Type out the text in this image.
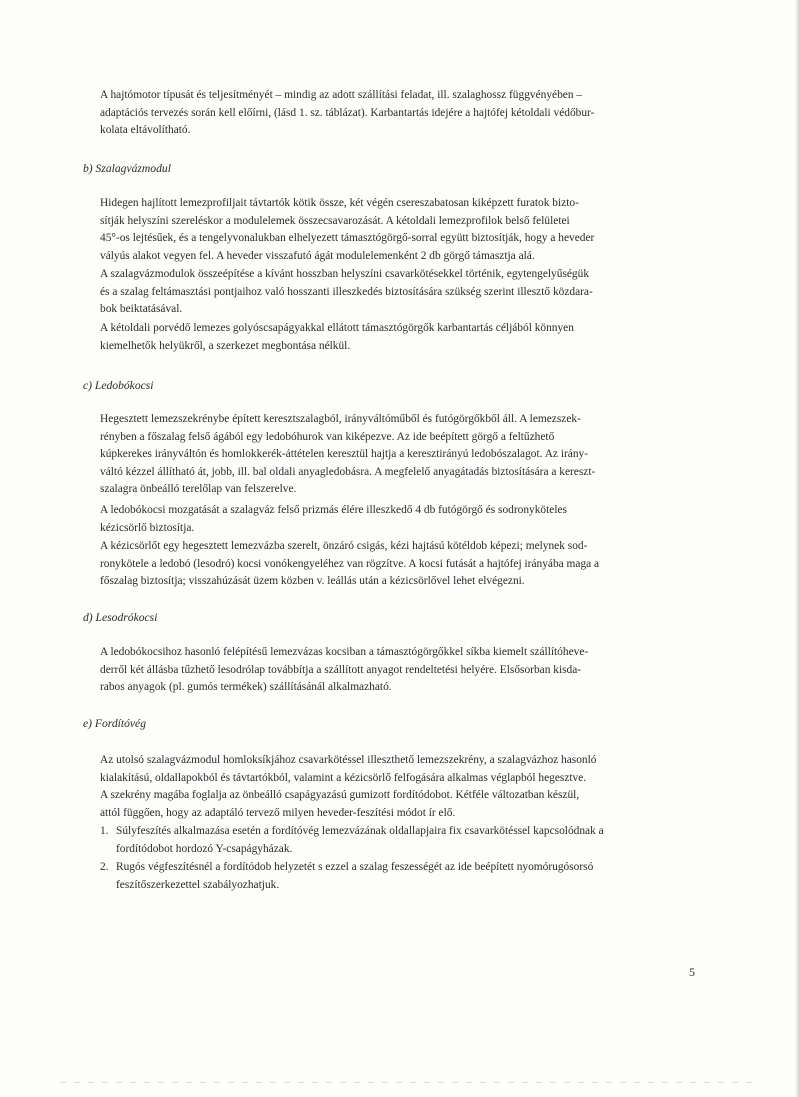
A hajtómotor típusát és teljesítményét – mindig az adott szállítási feladat, ill. szalaghossz függvényében –
adaptációs tervezés során kell előírni, (lásd 1. sz. táblázat). Karbantartás idejére a hajtófej kétoldali védőbur-
kolata eltávolítható.

b) Szalagvázmodul

Hidegen hajlított lemezprofiljait távtartók kötik össze, két végén csereszabatosan kiképzett furatok bizto-
sítják helyszíni szereléskor a modulelemek összecsavarozását. A kétoldali lemezprofilok belső felületei
45°-os lejtésűek, és a tengelyvonalukban elhelyezett támasztógörgő-sorral együtt biztosítják, hogy a heveder
vályús alakot vegyen fel. A heveder visszafutó ágát modulelemenként 2 db görgő támasztja alá.

A szalagvázmodulok összeépítése a kívánt hosszban helyszíni csavarkötésekkel történik, egytengelyűségük
és a szalag feltámasztási pontjaihoz való hosszanti illeszkedés biztosítására szükség szerint illesztő közdara-
bok beiktatásával.

A kétoldali porvédő lemezes golyóscsapágyakkal ellátott támasztógörgők karbantartás céljából könnyen
kiemelhetők helyükről, a szerkezet megbontása nélkül.

c) Ledobókocsi

Hegesztett lemezszekrénybe épített keresztszalagból, irányváltóműből és futógörgőkből áll. A lemezszek-
rényben a főszalag felső ágából egy ledobóhurok van kiképezve. Az ide beépített görgő a feltűzhető
kúpkerekes irányváltón és homlokkerék-áttételen keresztül hajtja a keresztirányú ledobószalagot. Az irány-
váltó kézzel állítható át, jobb, ill. bal oldali anyagledobásra. A megfelelő anyagátadás biztosítására a kereszt-
szalagra önbeálló terelőlap van felszerelve.

A ledobókocsi mozgatását a szalagváz felső prizmás élére illeszkedő 4 db futógörgő és sodronyköteles
kézicsörlő biztosítja.

A kézicsörlőt egy hegesztett lemezvázba szerelt, önzáró csigás, kézi hajtású kötéldob képezi; melynek sod-
ronykötele a ledobó (lesodró) kocsi vonókengyeléhez van rögzítve. A kocsi futását a hajtófej irányába maga a
főszalag biztosítja; visszahúzását üzem közben v. leállás után a kézicsörlővel lehet elvégezni.

d) Lesodrókocsi

A ledobókocsihoz hasonló felépítésű lemezvázas kocsiban a támasztógörgőkkel síkba kiemelt szállítóheve-
derről két állásba tűzhető lesodrólap továbbítja a szállított anyagot rendeltetési helyére. Elsősorban kisda-
rabos anyagok (pl. gumós termékek) szállításánál alkalmazható.

e) Fordítóvég

Az utolsó szalagvázmodul homloksíkjához csavarkötéssel illeszthető lemezszekrény, a szalagvázhoz hasonló
kialakítású, oldallapokból és távtartókból, valamint a kézicsörlő felfogására alkalmas véglapból hegesztve.
A szekrény magába foglalja az önbeálló csapágyazású gumizott fordítódobot. Kétféle változatban készül,
attól függően, hogy az adaptáló tervező milyen heveder-feszítési módot ír elő.

1. Súlyfeszítés alkalmazása esetén a fordítóvég lemezvázának oldallapjaira fix csavarkötéssel kapcsolódnak a
fordítódobot hordozó Y-csapágyházak.
2. Rugós végfeszítésnél a fordítódob helyzetét s ezzel a szalag feszességét az ide beépített nyomórugósorsó
feszítőszerkezettel szabályozhatjuk.
5
